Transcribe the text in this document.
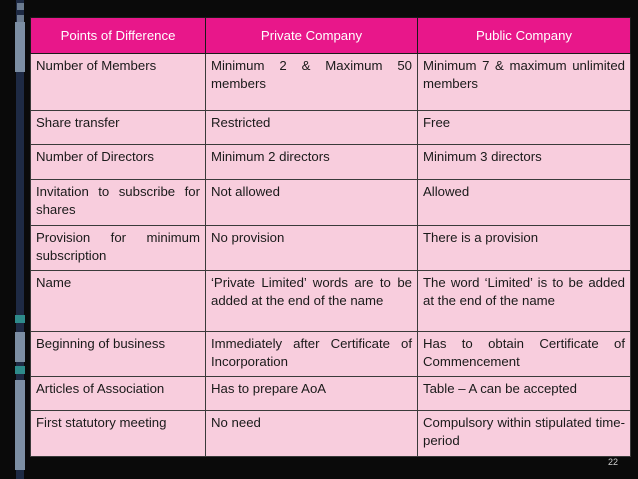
Points of Difference	Private Company	Public Company
Number of Members	Minimum 2 & Maximum 50 members	Minimum 7 & maximum unlimited members
Share transfer	Restricted	Free
Number of Directors	Minimum 2 directors	Minimum 3 directors
Invitation to subscribe for shares	Not allowed	Allowed
Provision for minimum subscription	No provision	There is a provision
Name	‘Private Limited’ words are to be added at the end of the name	The word ‘Limited’ is to be added at the end of the name
Beginning of business	Immediately after Certificate of Incorporation	Has to obtain Certificate of Commencement
Articles of Association	Has to prepare AoA	Table – A can be accepted
First statutory meeting	No need	Compulsory within stipulated time-period
22
